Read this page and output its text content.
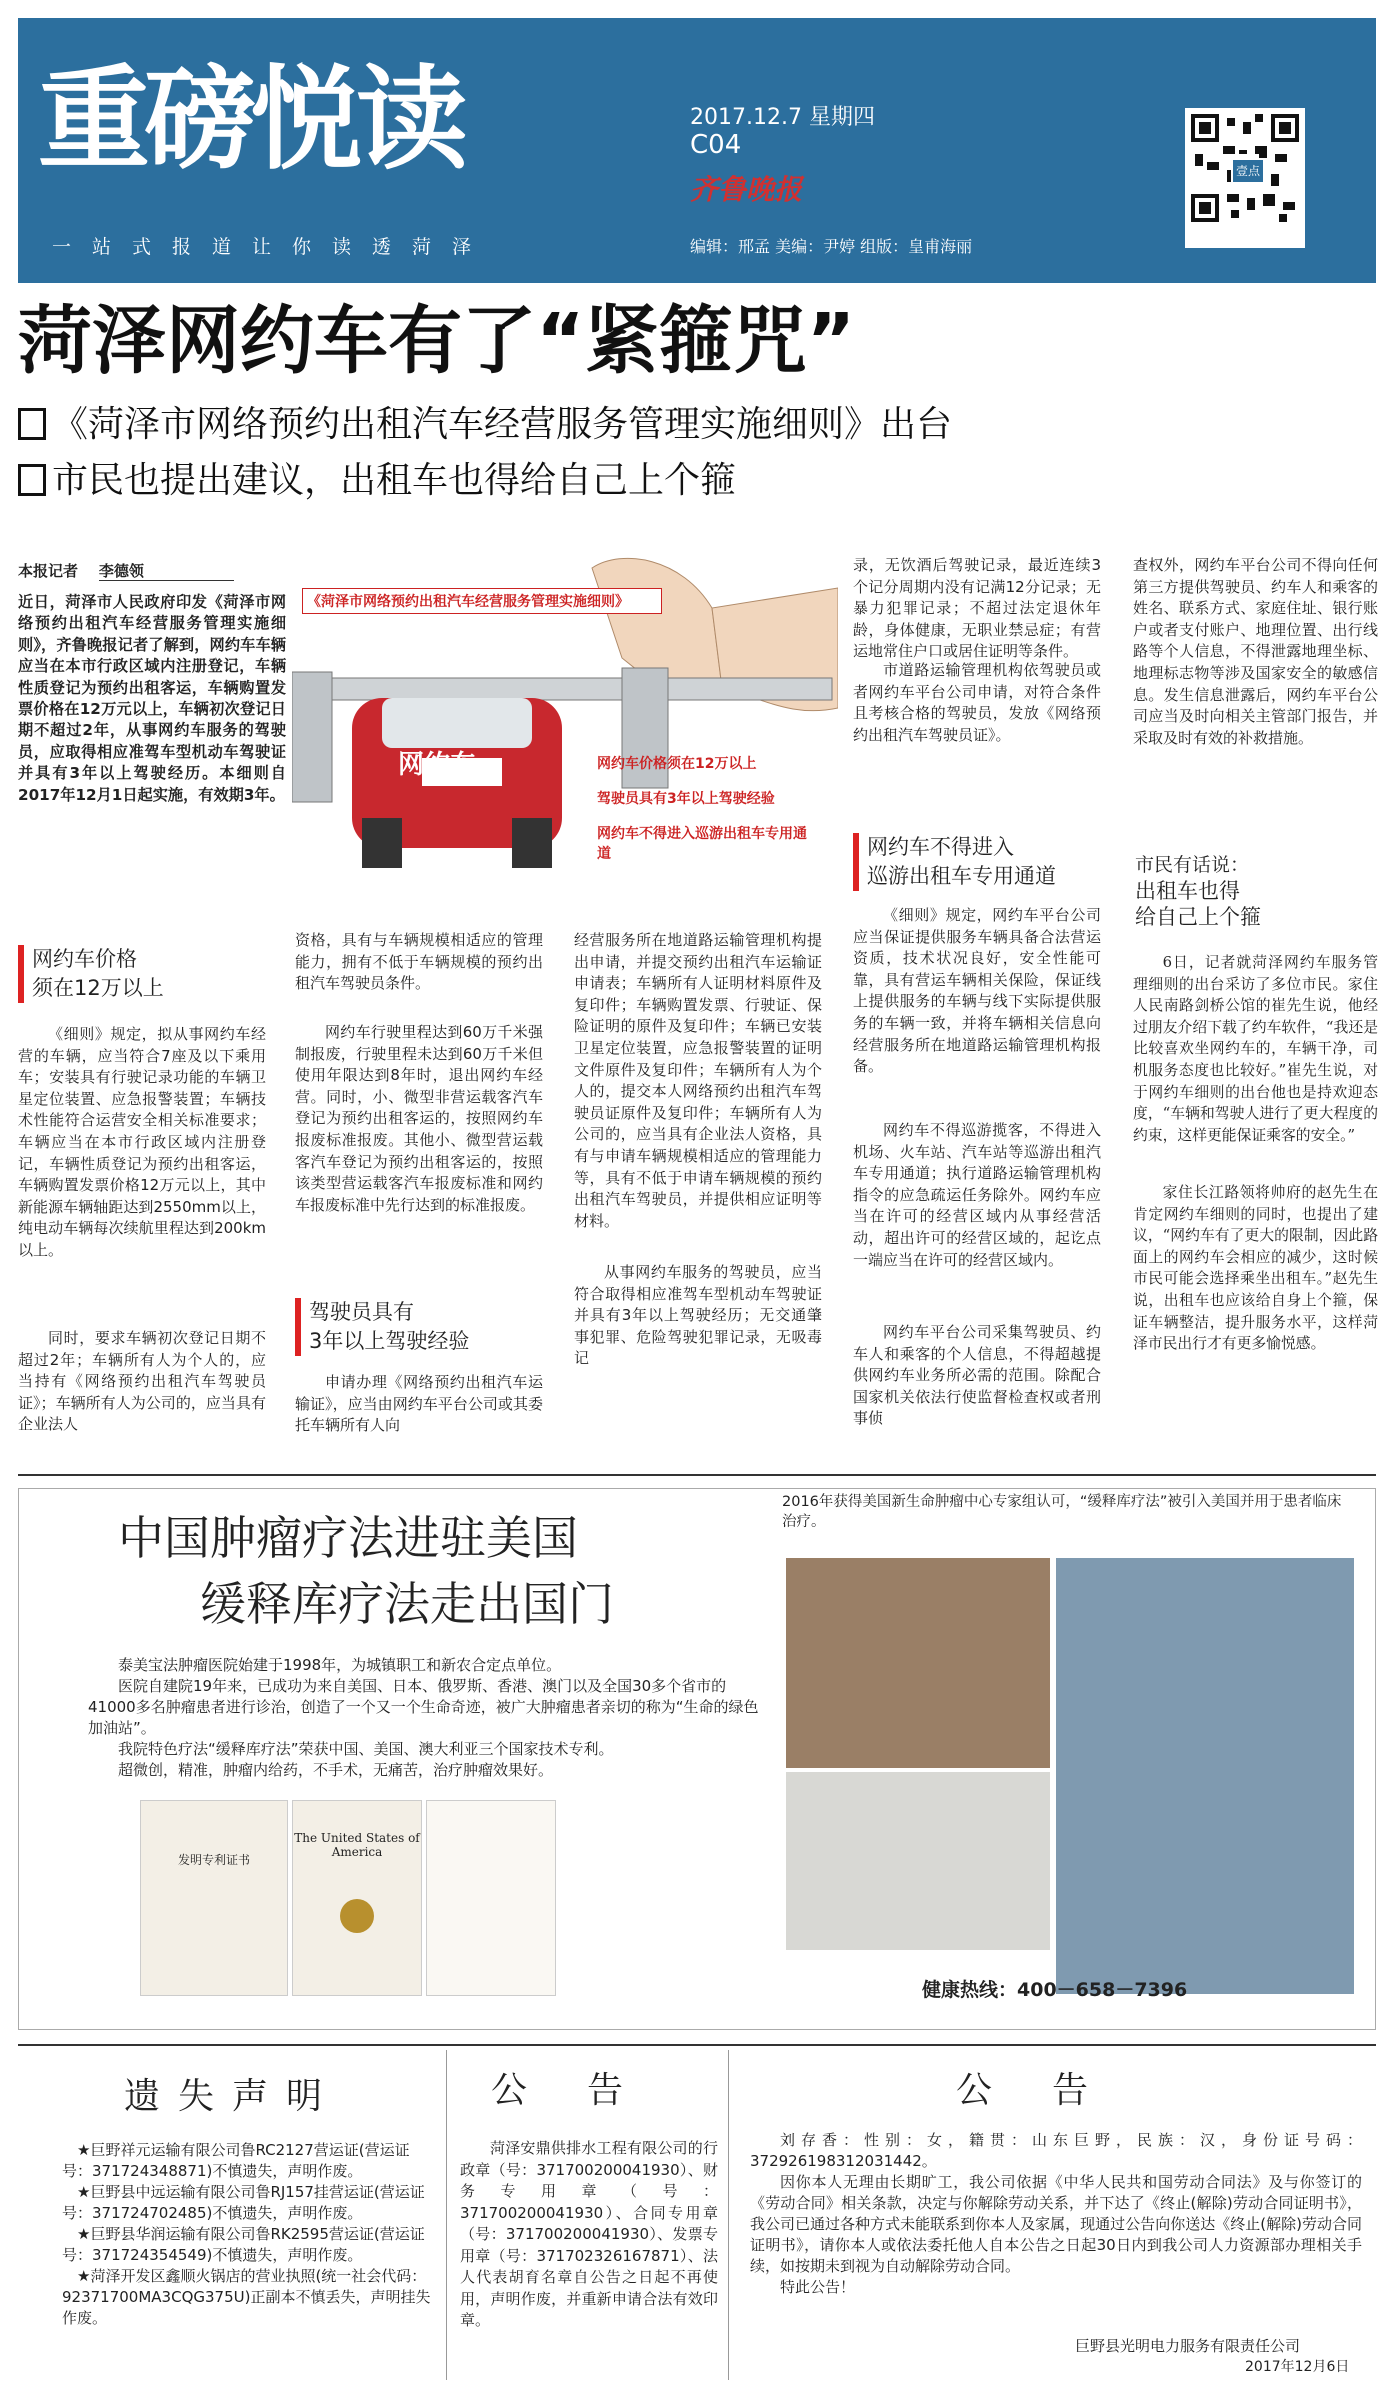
重磅悦读
一站式报道让你读透菏泽
2017.12.7 星期四
C04
齐鲁晚报
编辑：邢孟 美编：尹婷 组版：皇甫海丽
壹点
菏泽网约车有了“紧箍咒”
《菏泽市网络预约出租汽车经营服务管理实施细则》出台
市民也提出建议，出租车也得给自己上个箍
本报记者 李德领
近日，菏泽市人民政府印发《菏泽市网络预约出租汽车经营服务管理实施细则》，齐鲁晚报记者了解到，网约车车辆应当在本市行政区域内注册登记，车辆性质登记为预约出租客运，车辆购置发票价格在12万元以上，车辆初次登记日期不超过2年，从事网约车服务的驾驶员，应取得相应准驾车型机动车驾驶证并具有3年以上驾驶经历。本细则自2017年12月1日起实施，有效期3年。
《菏泽市网络预约出租汽车经营服务管理实施细则》
网约车	网约车价格须在12万以上
驾驶员具有3年以上驾驶经验
网约车不得进入巡游出租车专用通道
网约车价格
须在12万以上
《细则》规定，拟从事网约车经营的车辆，应当符合7座及以下乘用车；安装具有行驶记录功能的车辆卫星定位装置、应急报警装置；车辆技术性能符合运营安全相关标准要求；车辆应当在本市行政区域内注册登记，车辆性质登记为预约出租客运，车辆购置发票价格12万元以上，其中新能源车辆轴距达到2550mm以上，纯电动车辆每次续航里程达到200km以上。
同时，要求车辆初次登记日期不超过2年；车辆所有人为个人的，应当持有《网络预约出租汽车驾驶员证》；车辆所有人为公司的，应当具有企业法人
资格，具有与车辆规模相适应的管理能力，拥有不低于车辆规模的预约出租汽车驾驶员条件。
网约车行驶里程达到60万千米强制报废，行驶里程未达到60万千米但使用年限达到8年时，退出网约车经营。同时，小、微型非营运载客汽车登记为预约出租客运的，按照网约车报废标准报废。其他小、微型营运载客汽车登记为预约出租客运的，按照该类型营运载客汽车报废标准和网约车报废标准中先行达到的标准报废。
驾驶员具有
3年以上驾驶经验
申请办理《网络预约出租汽车运输证》，应当由网约车平台公司或其委托车辆所有人向
经营服务所在地道路运输管理机构提出申请，并提交预约出租汽车运输证申请表；车辆所有人证明材料原件及复印件；车辆购置发票、行驶证、保险证明的原件及复印件；车辆已安装卫星定位装置，应急报警装置的证明文件原件及复印件；车辆所有人为个人的，提交本人网络预约出租汽车驾驶员证原件及复印件；车辆所有人为公司的，应当具有企业法人资格，具有与申请车辆规模相适应的管理能力等，具有不低于申请车辆规模的预约出租汽车驾驶员，并提供相应证明等材料。
从事网约车服务的驾驶员，应当符合取得相应准驾车型机动车驾驶证并具有3年以上驾驶经历；无交通肇事犯罪、危险驾驶犯罪记录，无吸毒记
录，无饮酒后驾驶记录，最近连续3个记分周期内没有记满12分记录；无暴力犯罪记录；不超过法定退休年龄，身体健康，无职业禁忌症；有营运地常住户口或居住证明等条件。
市道路运输管理机构依驾驶员或者网约车平台公司申请，对符合条件且考核合格的驾驶员，发放《网络预约出租汽车驾驶员证》。
网约车不得进入
巡游出租车专用通道
《细则》规定，网约车平台公司应当保证提供服务车辆具备合法营运资质，技术状况良好，安全性能可靠，具有营运车辆相关保险，保证线上提供服务的车辆与线下实际提供服务的车辆一致，并将车辆相关信息向经营服务所在地道路运输管理机构报备。
网约车不得巡游揽客，不得进入机场、火车站、汽车站等巡游出租汽车专用通道；执行道路运输管理机构指令的应急疏运任务除外。网约车应当在许可的经营区域内从事经营活动，超出许可的经营区域的，起讫点一端应当在许可的经营区域内。
网约车平台公司采集驾驶员、约车人和乘客的个人信息，不得超越提供网约车业务所必需的范围。除配合国家机关依法行使监督检查权或者刑事侦
查权外，网约车平台公司不得向任何第三方提供驾驶员、约车人和乘客的姓名、联系方式、家庭住址、银行账户或者支付账户、地理位置、出行线路等个人信息，不得泄露地理坐标、地理标志物等涉及国家安全的敏感信息。发生信息泄露后，网约车平台公司应当及时向相关主管部门报告，并采取及时有效的补救措施。
市民有话说：
出租车也得
给自己上个箍
6日，记者就菏泽网约车服务管理细则的出台采访了多位市民。家住人民南路剑桥公馆的崔先生说，他经过朋友介绍下载了约车软件，“我还是比较喜欢坐网约车的，车辆干净，司机服务态度也比较好。”崔先生说，对于网约车细则的出台他也是持欢迎态度，“车辆和驾驶人进行了更大程度的约束，这样更能保证乘客的安全。”
家住长江路领将帅府的赵先生在肯定网约车细则的同时，也提出了建议，“网约车有了更大的限制，因此路面上的网约车会相应的减少，这时候市民可能会选择乘坐出租车。”赵先生说，出租车也应该给自身上个箍，保证车辆整洁，提升服务水平，这样菏泽市民出行才有更多愉悦感。
中国肿瘤疗法进驻美国
缓释库疗法走出国门
泰美宝法肿瘤医院始建于1998年，为城镇职工和新农合定点单位。
医院自建院19年来，已成功为来自美国、日本、俄罗斯、香港、澳门以及全国30多个省市的41000多名肿瘤患者进行诊治，创造了一个又一个生命奇迹，被广大肿瘤患者亲切的称为“生命的绿色加油站”。
我院特色疗法“缓释库疗法”荣获中国、美国、澳大利亚三个国家技术专利。
超微创，精准，肿瘤内给药，不手术，无痛苦，治疗肿瘤效果好。
发明专利证书
The United States of America
2016年获得美国新生命肿瘤中心专家组认可，“缓释库疗法”被引入美国并用于患者临床治疗。
健康热线：400－658－7396
遗失声明
★巨野祥元运输有限公司鲁RC2127营运证(营运证号：371724348871)不慎遗失，声明作废。
★巨野县中远运输有限公司鲁RJ157挂营运证(营运证号：371724702485)不慎遗失，声明作废。
★巨野县华润运输有限公司鲁RK2595营运证(营运证号：371724354549)不慎遗失，声明作废。
★菏泽开发区鑫顺火锅店的营业执照(统一社会代码：92371700MA3CQG375U)正副本不慎丢失，声明挂失作废。
公告
菏泽安鼎供排水工程有限公司的行政章（号：371700200041930）、财务专用章（号：371700200041930）、合同专用章（号：371700200041930）、发票专用章（号：371702326167871）、法人代表胡育名章自公告之日起不再使用，声明作废，并重新申请合法有效印章。
公告
刘存香：性别：女，籍贯：山东巨野，民族：汉，身份证号码：372926198312031442。
因你本人无理由长期旷工，我公司依据《中华人民共和国劳动合同法》及与你签订的《劳动合同》相关条款，决定与你解除劳动关系，并下达了《终止(解除)劳动合同证明书》，我公司已通过各种方式未能联系到你本人及家属，现通过公告向你送达《终止(解除)劳动合同证明书》，请你本人或依法委托他人自本公告之日起30日内到我公司人力资源部办理相关手续，如按期未到视为自动解除劳动合同。
特此公告！
巨野县光明电力服务有限责任公司
2017年12月6日
